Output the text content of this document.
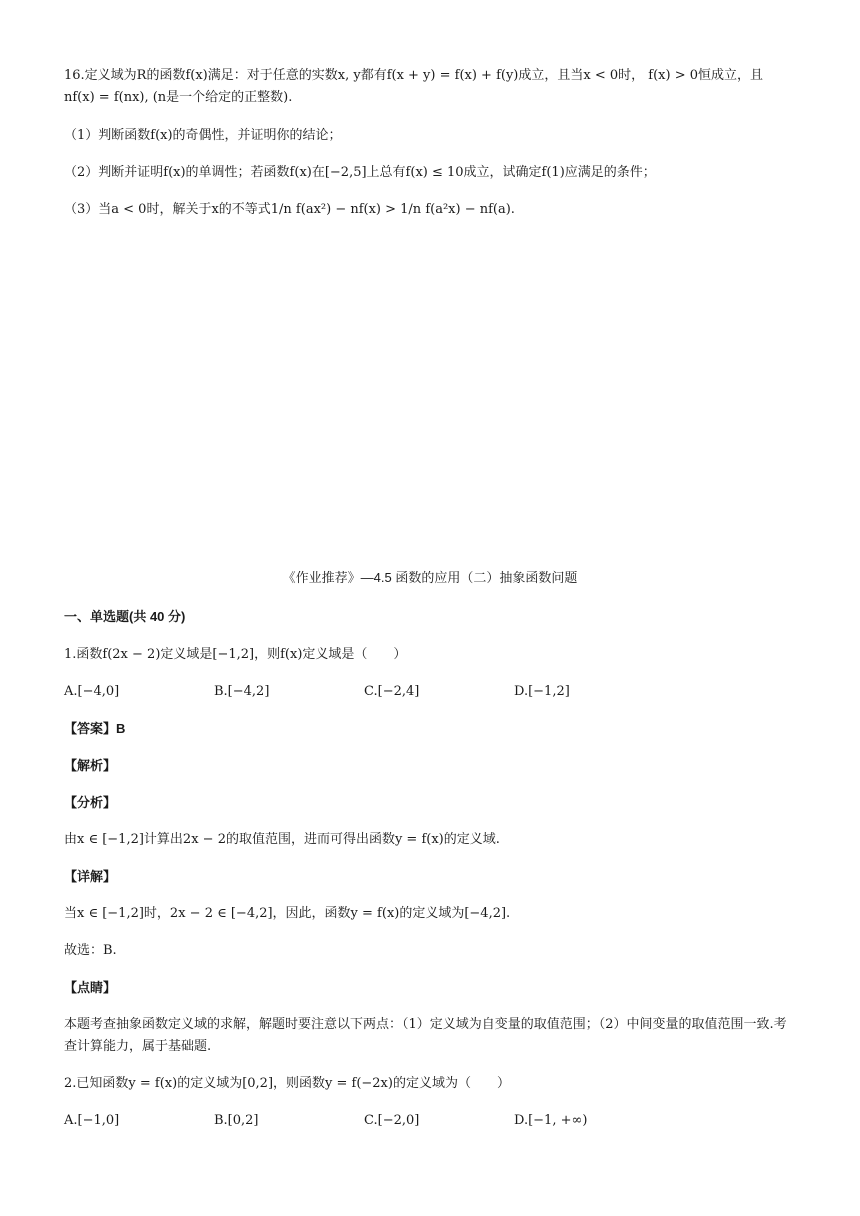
16.定义域为R的函数f(x)满足：对于任意的实数x, y都有f(x + y) = f(x) + f(y)成立，且当x < 0时， f(x) > 0恒成立，且
nf(x) = f(nx), (n是一个给定的正整数).
（1）判断函数f(x)的奇偶性，并证明你的结论；
（2）判断并证明f(x)的单调性；若函数f(x)在[−2,5]上总有f(x) ≤ 10成立，试确定f(1)应满足的条件；
（3）当a < 0时，解关于x的不等式1/n f(ax²) − nf(x) > 1/n f(a²x) − nf(a).
《作业推荐》—4.5 函数的应用（二）抽象函数问题
一、单选题(共 40 分)
1.函数f(2x − 2)定义域是[−1,2]，则f(x)定义域是（　　）
A.[−4,0]	B.[−4,2]	C.[−2,4]	D.[−1,2]
【答案】B
【解析】
【分析】
由x ∈ [−1,2]计算出2x − 2的取值范围，进而可得出函数y = f(x)的定义域.
【详解】
当x ∈ [−1,2]时，2x − 2 ∈ [−4,2]，因此，函数y = f(x)的定义域为[−4,2].
故选：B.
【点睛】
本题考查抽象函数定义域的求解，解题时要注意以下两点：（1）定义域为自变量的取值范围；（2）中间变量的取值范围一致.考
查计算能力，属于基础题.
2.已知函数y = f(x)的定义域为[0,2]，则函数y = f(−2x)的定义域为（　　）
A.[−1,0]	B.[0,2]	C.[−2,0]	D.[−1, +∞)
